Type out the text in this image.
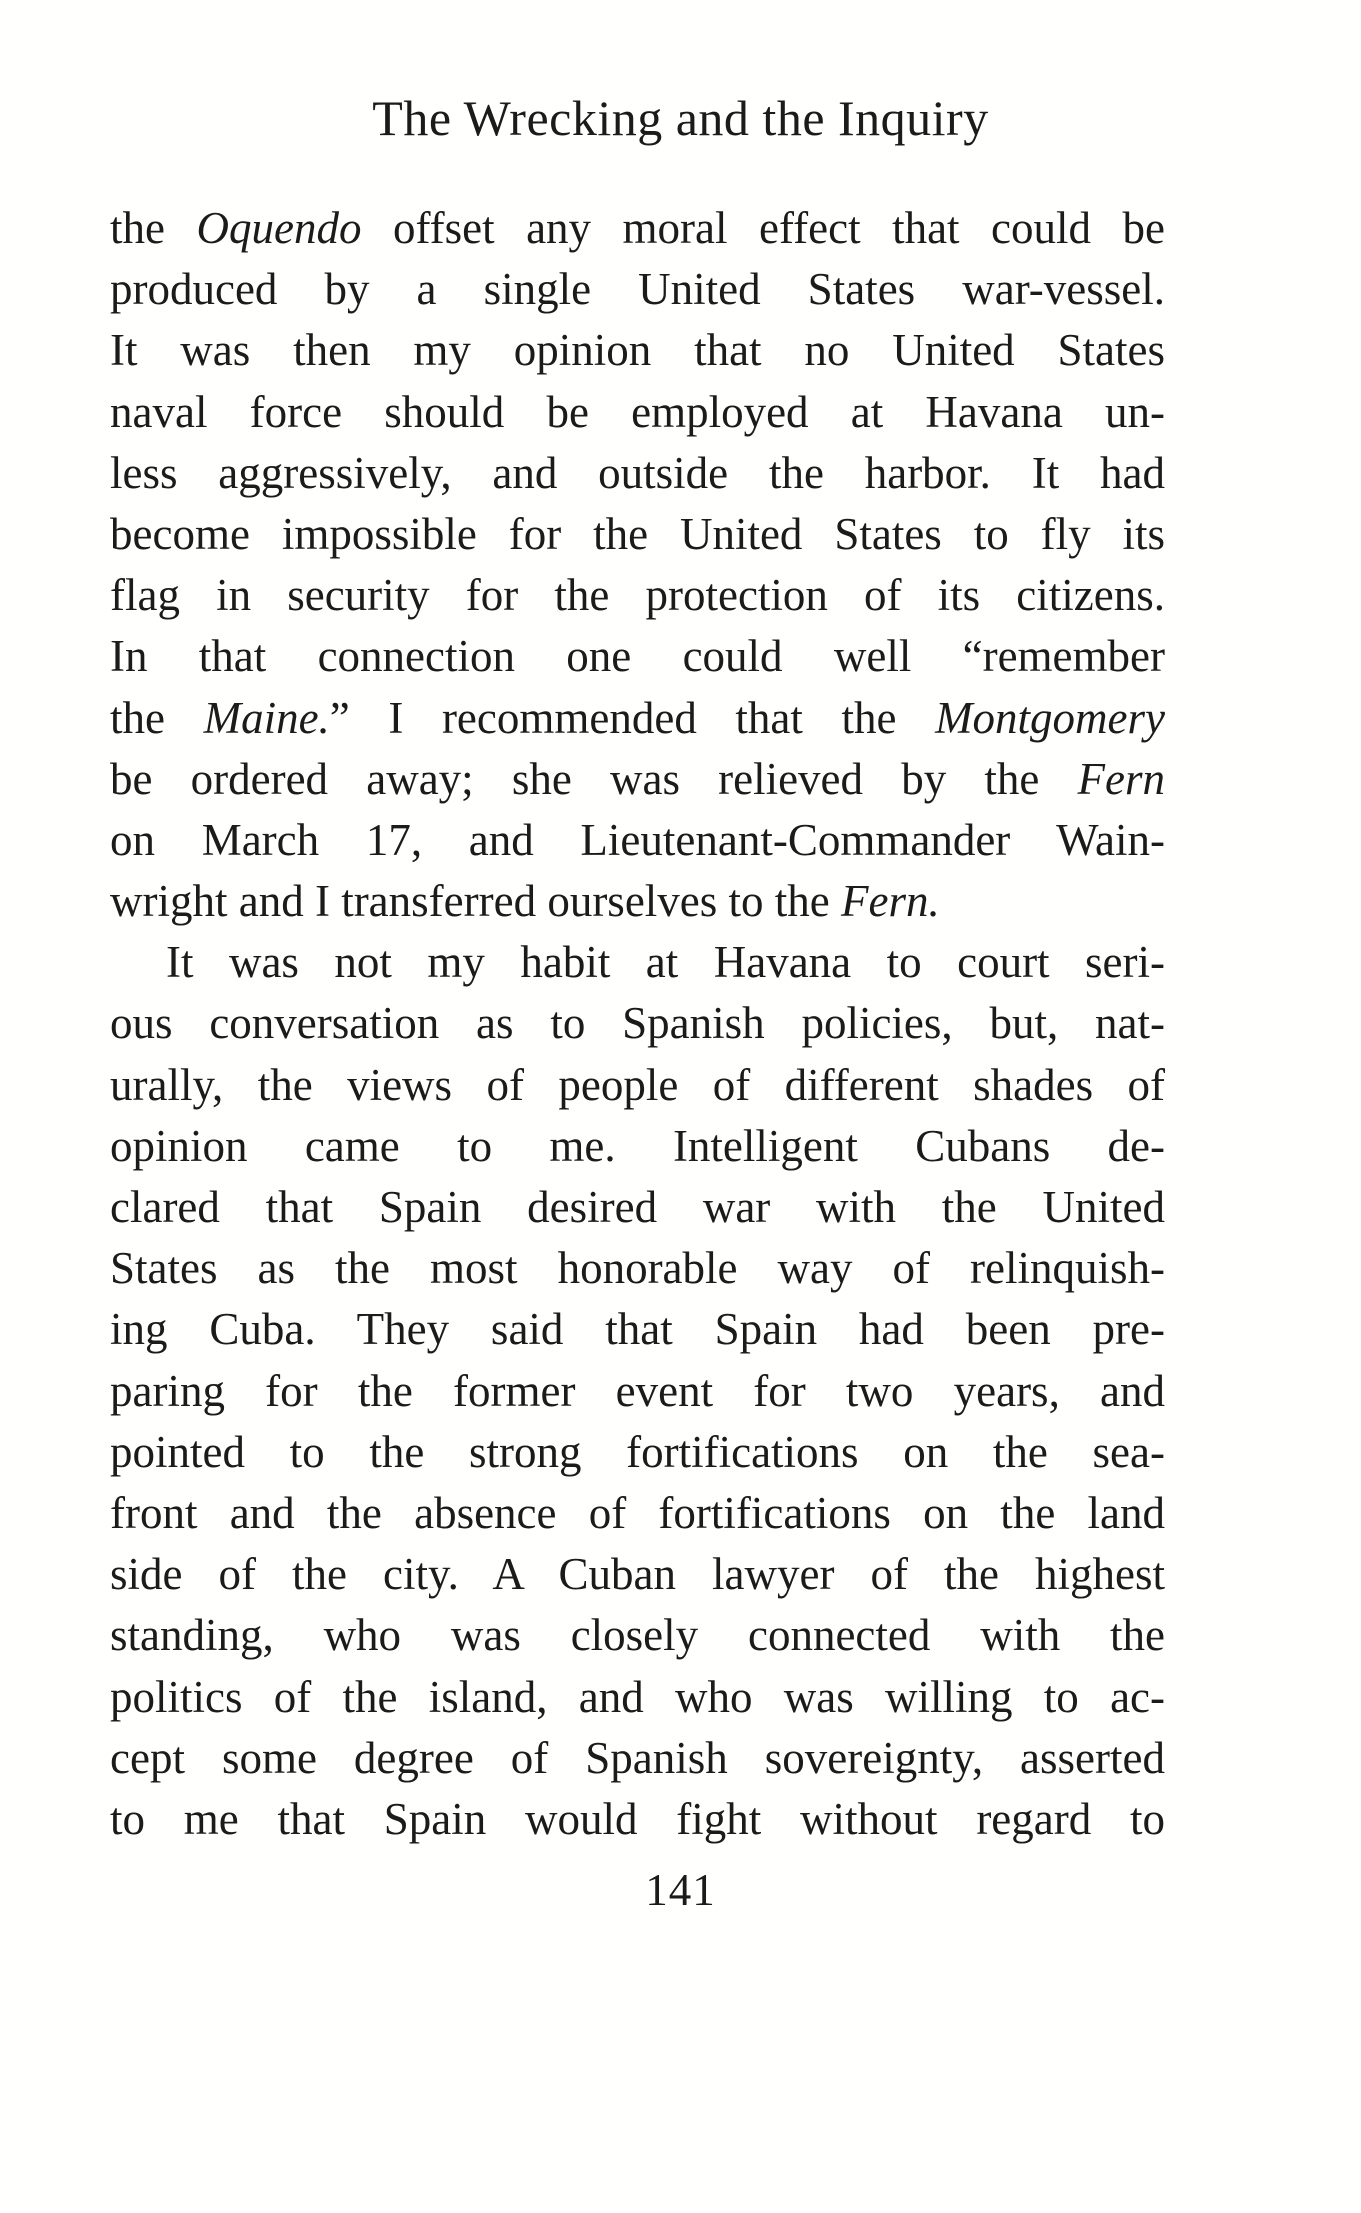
The Wrecking and the Inquiry
the Oquendo offset any moral effect that could be
produced by a single United States war-vessel.
It was then my opinion that no United States
naval force should be employed at Havana un-
less aggressively, and outside the harbor. It had
become impossible for the United States to fly its
flag in security for the protection of its citizens.
In that connection one could well “remember
the Maine.” I recommended that the Montgomery
be ordered away; she was relieved by the Fern
on March 17, and Lieutenant-Commander Wain-
wright and I transferred ourselves to the Fern.
It was not my habit at Havana to court seri-
ous conversation as to Spanish policies, but, nat-
urally, the views of people of different shades of
opinion came to me. Intelligent Cubans de-
clared that Spain desired war with the United
States as the most honorable way of relinquish-
ing Cuba. They said that Spain had been pre-
paring for the former event for two years, and
pointed to the strong fortifications on the sea-
front and the absence of fortifications on the land
side of the city. A Cuban lawyer of the highest
standing, who was closely connected with the
politics of the island, and who was willing to ac-
cept some degree of Spanish sovereignty, asserted
to me that Spain would fight without regard to
141
